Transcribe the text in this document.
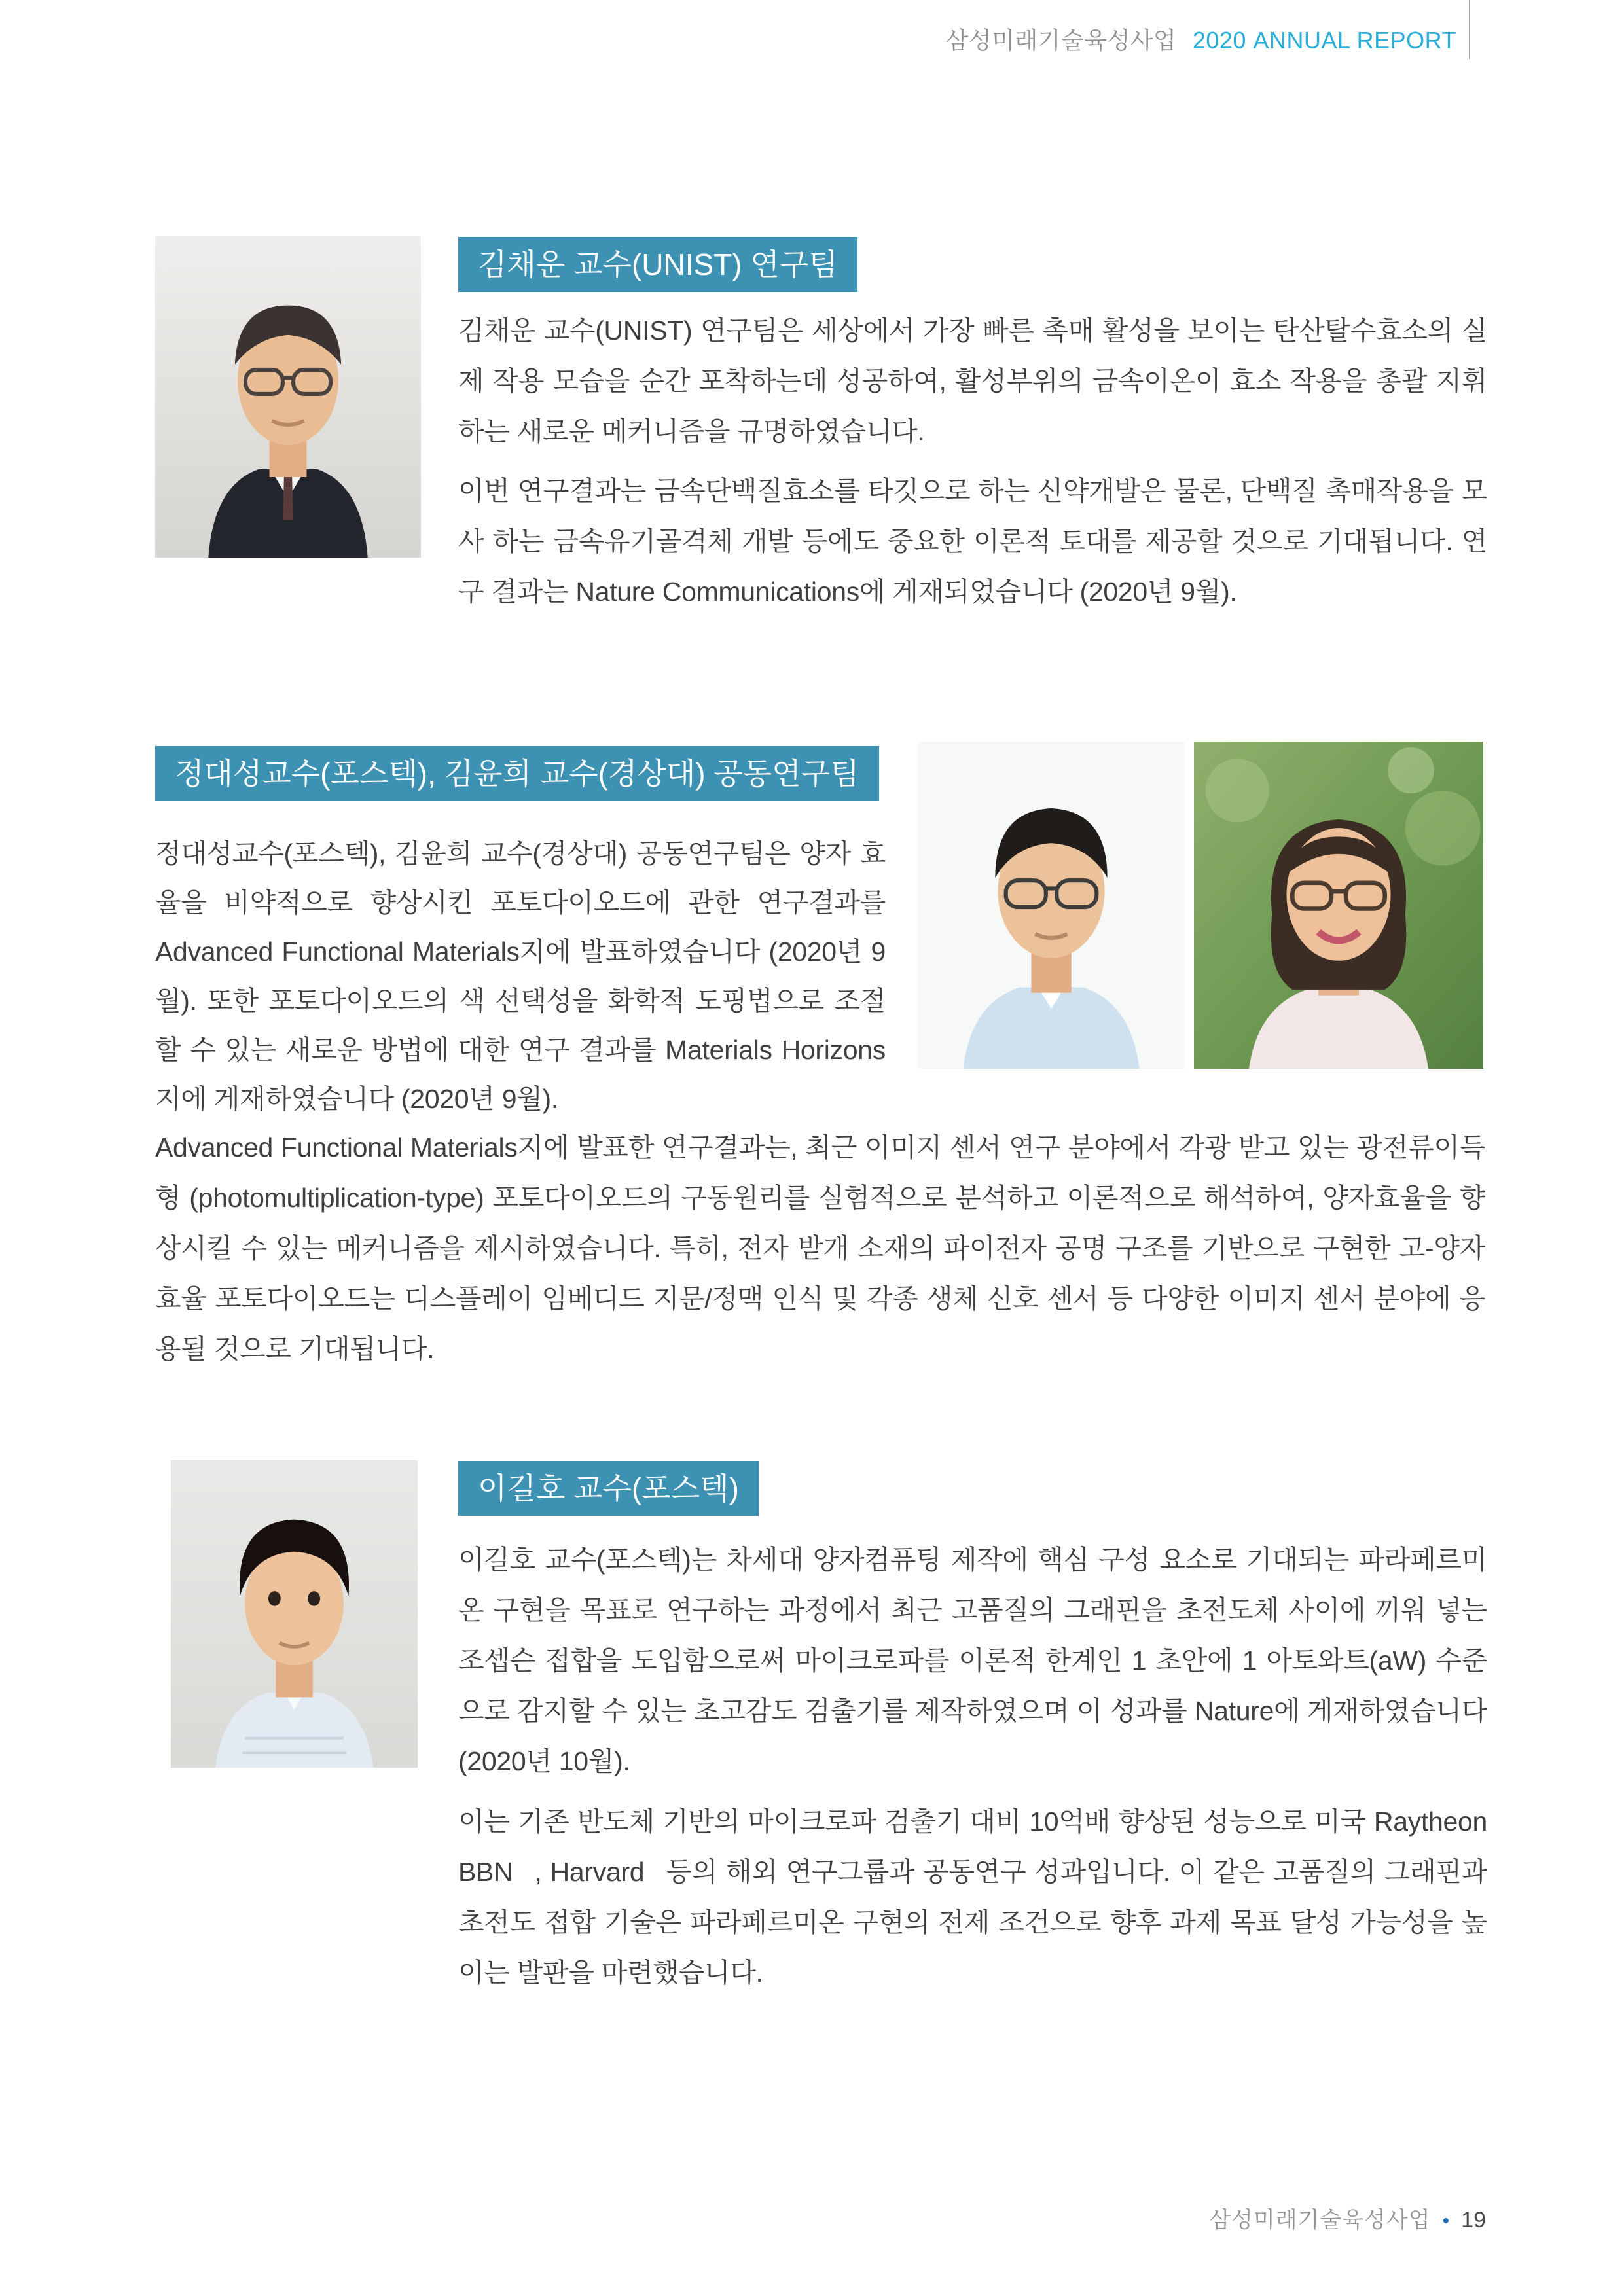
삼성미래기술육성사업 2020 ANNUAL REPORT
김채운 교수(UNIST) 연구팀
김채운 교수(UNIST) 연구팀은 세상에서 가장 빠른 촉매 활성을 보이는 탄산탈수효소의 실제 작용 모습을 순간 포착하는데 성공하여, 활성부위의 금속이온이 효소 작용을 총괄 지휘 하는 새로운 메커니즘을 규명하였습니다.
이번 연구결과는 금속단백질효소를 타깃으로 하는 신약개발은 물론, 단백질 촉매작용을 모사 하는 금속유기골격체 개발 등에도 중요한 이론적 토대를 제공할 것으로 기대됩니다. 연구 결과는 Nature Communications에 게재되었습니다 (2020년 9월).
정대성교수(포스텍), 김윤희 교수(경상대) 공동연구팀
정대성교수(포스텍), 김윤희 교수(경상대) 공동연구팀은 양자 효율을 비약적으로 향상시킨 포토다이오드에 관한 연구결과를 Advanced Functional Materials지에 발표하였습니다 (2020년 9월). 또한 포토다이오드의 색 선택성을 화학적 도핑법으로 조절할 수 있는 새로운 방법에 대한 연구 결과를 Materials Horizons지에 게재하였습니다 (2020년 9월).
Advanced Functional Materials지에 발표한 연구결과는, 최근 이미지 센서 연구 분야에서 각광 받고 있는 광전류이득형 (photomultiplication-type) 포토다이오드의 구동원리를 실험적으로 분석하고 이론적으로 해석하여, 양자효율을 향상시킬 수 있는 메커니즘을 제시하였습니다. 특히, 전자 받개 소재의 파이전자 공명 구조를 기반으로 구현한 고-양자효율 포토다이오드는 디스플레이 임베디드 지문/정맥 인식 및 각종 생체 신호 센서 등 다양한 이미지 센서 분야에 응용될 것으로 기대됩니다.
이길호 교수(포스텍)
이길호 교수(포스텍)는 차세대 양자컴퓨팅 제작에 핵심 구성 요소로 기대되는 파라페르미온 구현을 목표로 연구하는 과정에서 최근 고품질의 그래핀을 초전도체 사이에 끼워 넣는 조셉슨 접합을 도입함으로써 마이크로파를 이론적 한계인 1 초안에 1 아토와트(aW) 수준으로 감지할 수 있는 초고감도 검출기를 제작하였으며 이 성과를 Nature에 게재하였습니다 (2020년 10월).
이는 기존 반도체 기반의 마이크로파 검출기 대비 10억배 향상된 성능으로 미국 Raytheon BBN  , Harvard  등의 해외 연구그룹과 공동연구 성과입니다. 이 같은 고품질의 그래핀과 초전도 접합 기술은 파라페르미온 구현의 전제 조건으로 향후 과제 목표 달성 가능성을 높이는 발판을 마련했습니다.
삼성미래기술육성사업 • 19
